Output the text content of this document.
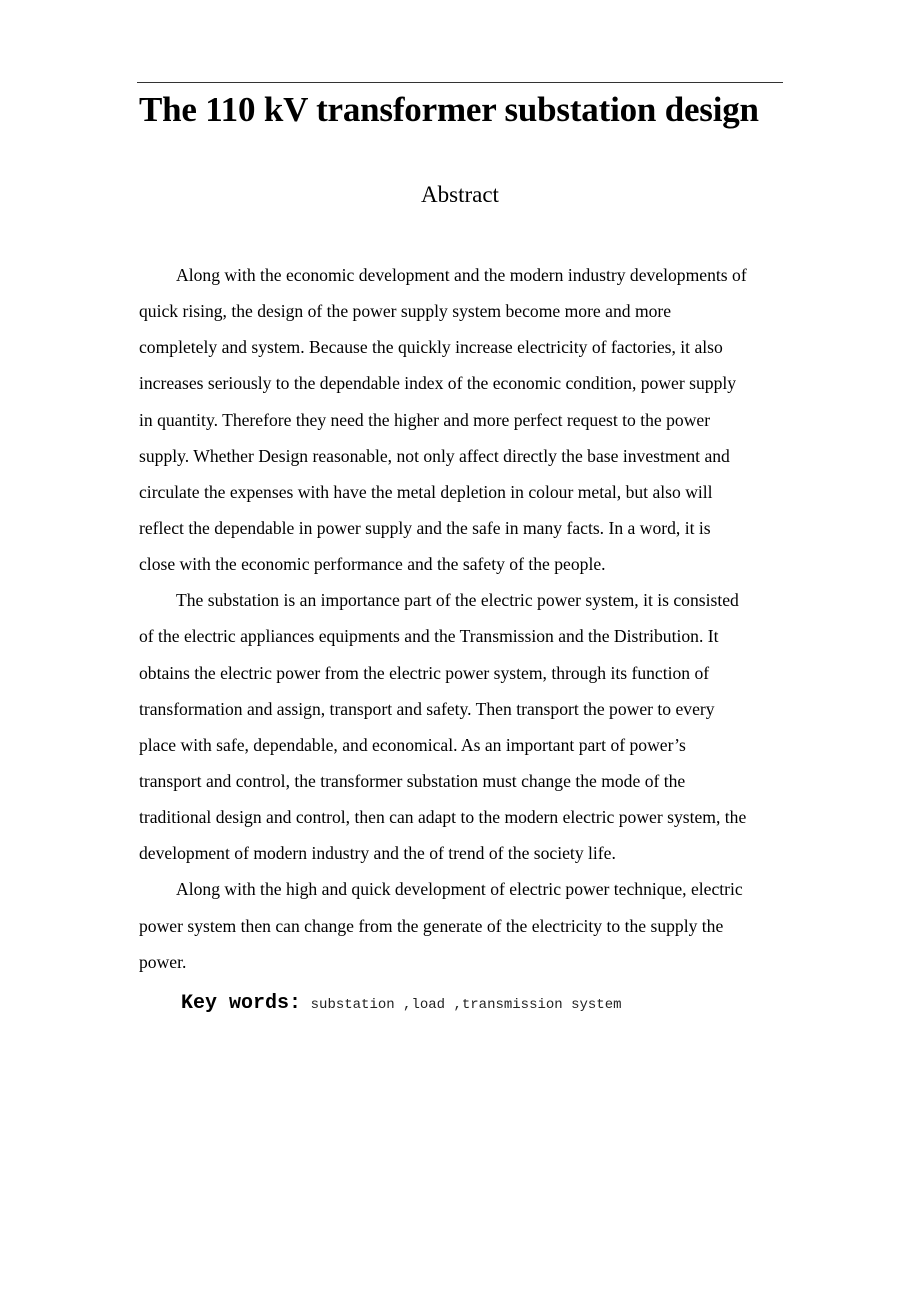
The 110 kV transformer substation design
Abstract
Along with the economic development and the modern industry developments of
quick rising, the design of the power supply system become more and more
completely and system. Because the quickly increase electricity of factories, it also
increases seriously to the dependable index of the economic condition, power supply
in quantity. Therefore they need the higher and more perfect request to the power
supply. Whether Design reasonable, not only affect directly the base investment and
circulate the expenses with have the metal depletion in colour metal, but also will
reflect the dependable in power supply and the safe in many facts. In a word, it is
close with the economic performance and the safety of the people.
The substation is an importance part of the electric power system, it is consisted
of the electric appliances equipments and the Transmission and the Distribution. It
obtains the electric power from the electric power system, through its function of
transformation and assign, transport and safety. Then transport the power to every
place with safe, dependable, and economical. As an important part of power’s
transport and control, the transformer substation must change the mode of the
traditional design and control, then can adapt to the modern electric power system, the
development of modern industry and the of trend of the society life.
Along with the high and quick development of electric power technique, electric
power system then can change from the generate of the electricity to the supply the
power.
Key words: substation ,load ,transmission system
